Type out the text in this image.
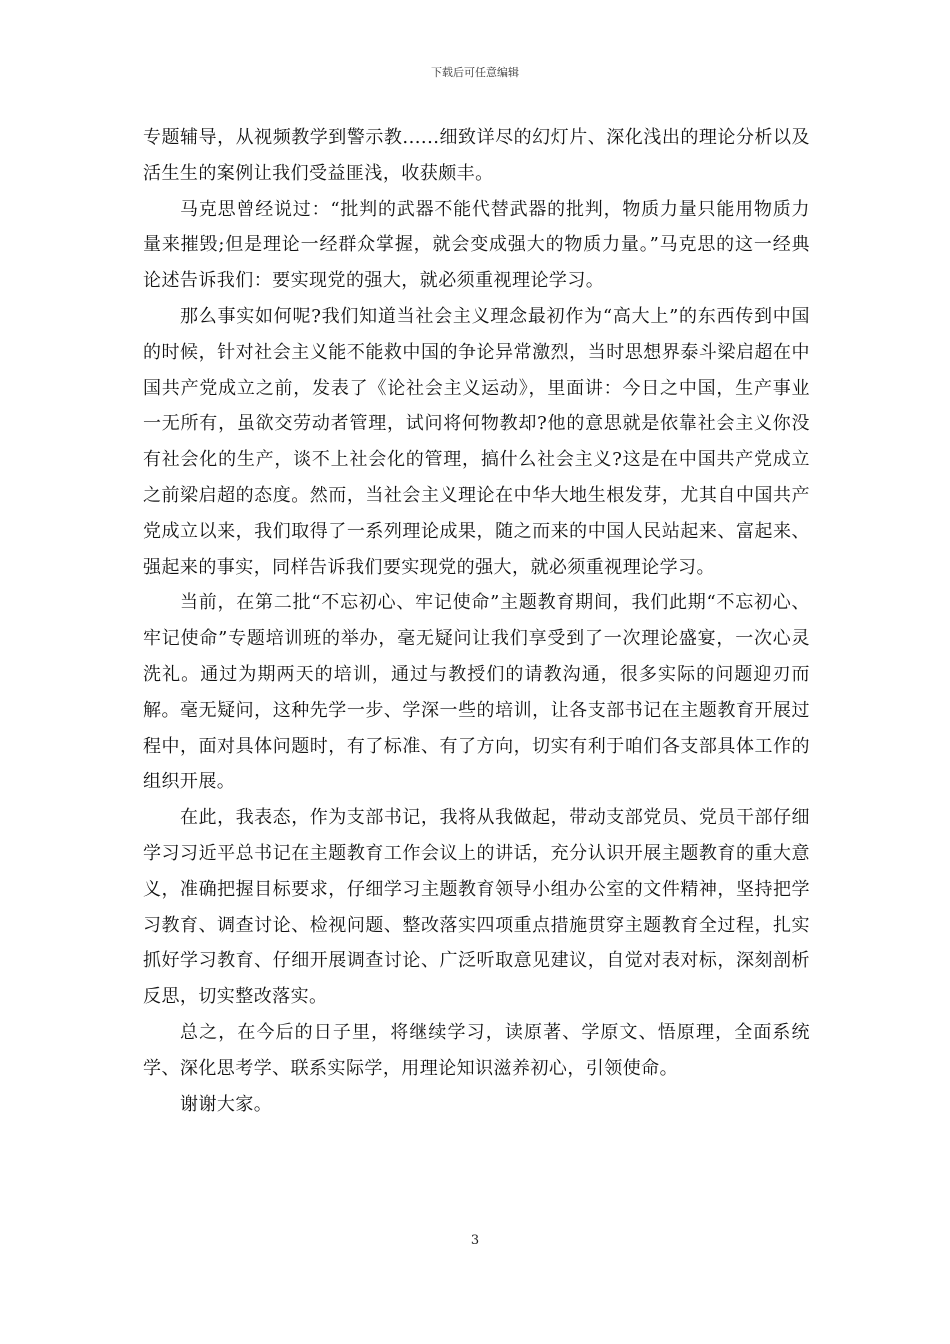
下载后可任意编辑

专题辅导，从视频教学到警示教......细致详尽的幻灯片、深化浅出的理论分析以及活生生的案例让我们受益匪浅，收获颇丰。

马克思曾经说过：“批判的武器不能代替武器的批判，物质力量只能用物质力量来摧毁;但是理论一经群众掌握，就会变成强大的物质力量。”马克思的这一经典论述告诉我们：要实现党的强大，就必须重视理论学习。

那么事实如何呢?我们知道当社会主义理念最初作为“高大上”的东西传到中国的时候，针对社会主义能不能救中国的争论异常激烈，当时思想界泰斗梁启超在中国共产党成立之前，发表了《论社会主义运动》，里面讲：今日之中国，生产事业一无所有，虽欲交劳动者管理，试问将何物教却?他的意思就是依靠社会主义你没有社会化的生产，谈不上社会化的管理，搞什么社会主义?这是在中国共产党成立之前梁启超的态度。然而，当社会主义理论在中华大地生根发芽，尤其自中国共产党成立以来，我们取得了一系列理论成果，随之而来的中国人民站起来、富起来、强起来的事实，同样告诉我们要实现党的强大，就必须重视理论学习。

当前，在第二批“不忘初心、牢记使命”主题教育期间，我们此期“不忘初心、牢记使命”专题培训班的举办，毫无疑问让我们享受到了一次理论盛宴，一次心灵洗礼。通过为期两天的培训，通过与教授们的请教沟通，很多实际的问题迎刃而解。毫无疑问，这种先学一步、学深一些的培训，让各支部书记在主题教育开展过程中，面对具体问题时，有了标准、有了方向，切实有利于咱们各支部具体工作的组织开展。

在此，我表态，作为支部书记，我将从我做起，带动支部党员、党员干部仔细学习习近平总书记在主题教育工作会议上的讲话，充分认识开展主题教育的重大意义，准确把握目标要求，仔细学习主题教育领导小组办公室的文件精神，坚持把学习教育、调查讨论、检视问题、整改落实四项重点措施贯穿主题教育全过程，扎实抓好学习教育、仔细开展调查讨论、广泛听取意见建议，自觉对表对标，深刻剖析反思，切实整改落实。

总之，在今后的日子里，将继续学习，读原著、学原文、悟原理，全面系统学、深化思考学、联系实际学，用理论知识滋养初心，引领使命。

谢谢大家。

3
